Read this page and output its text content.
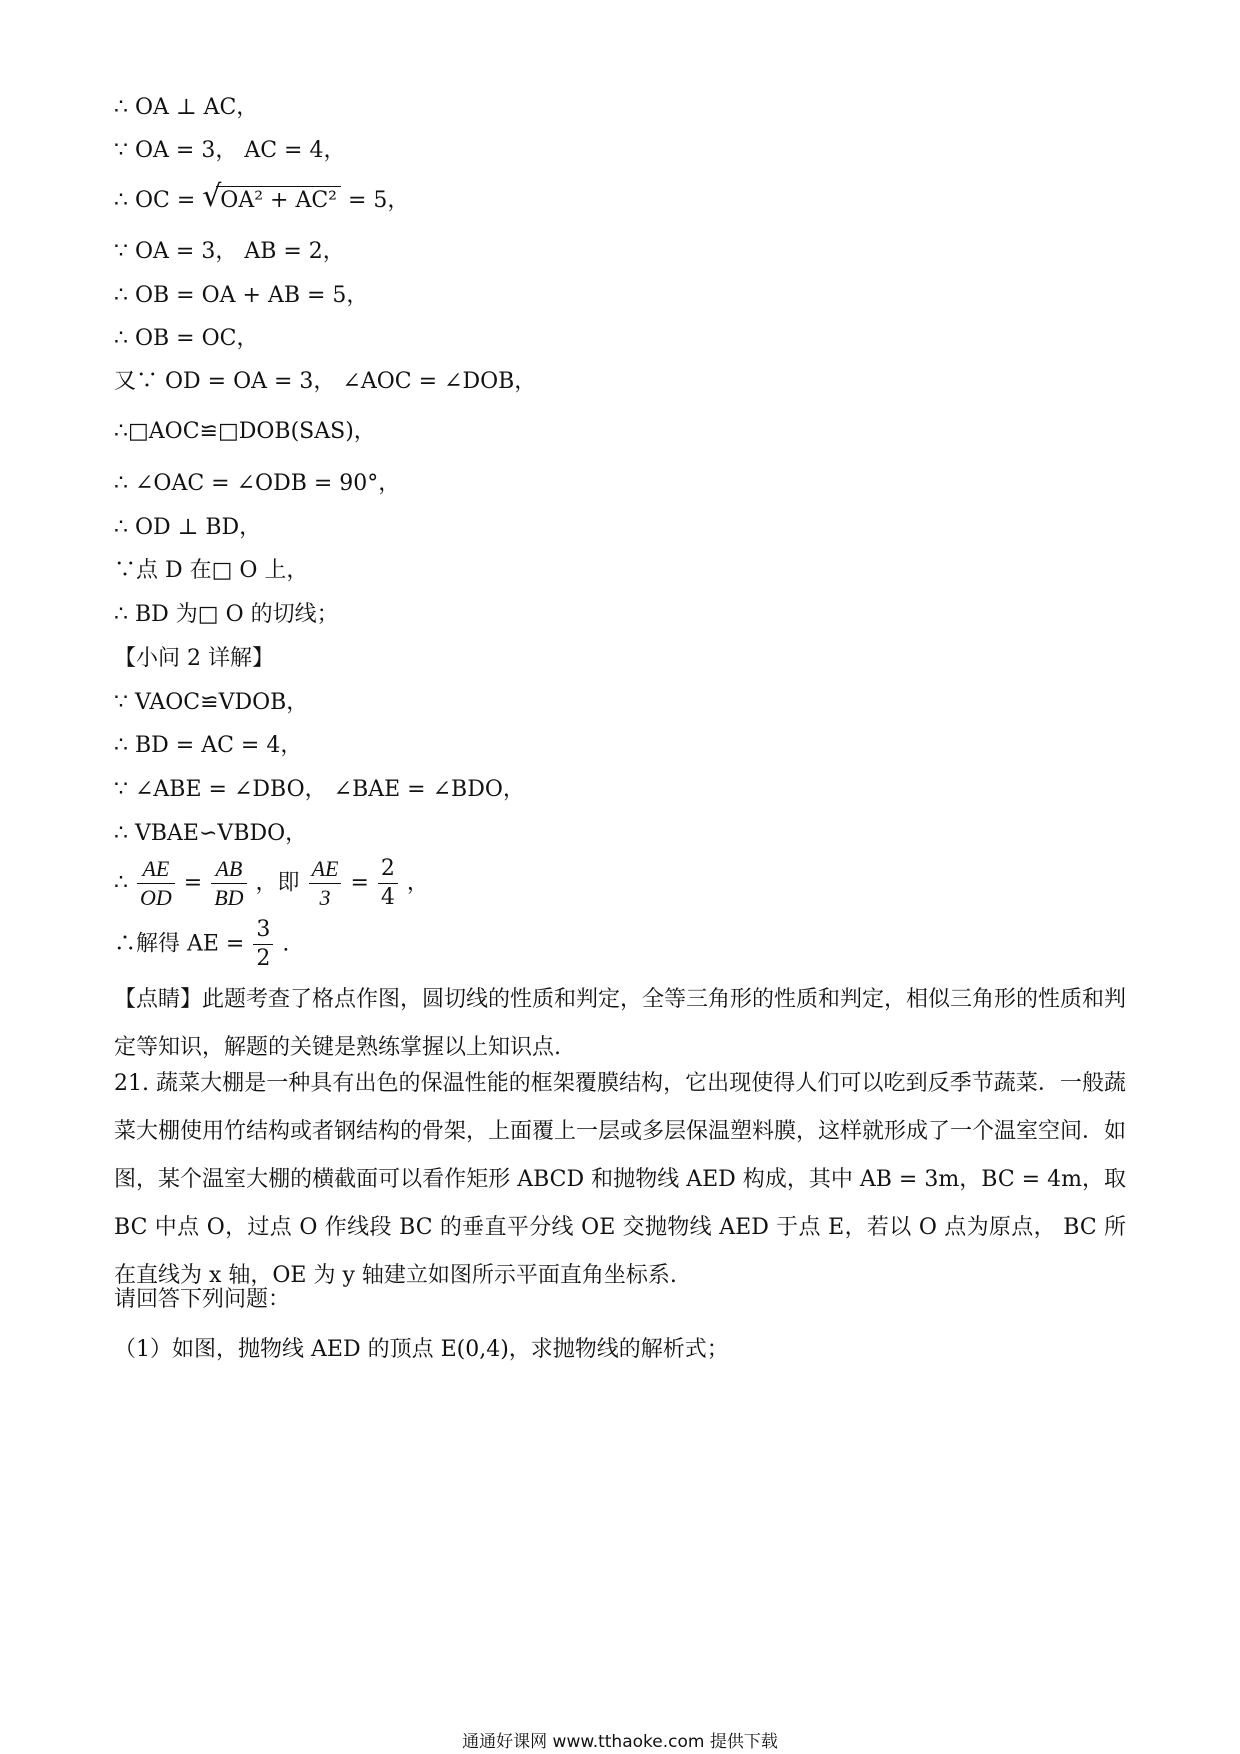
∴ OA ⊥ AC，
∵ OA = 3， AC = 4，
∴ OC = √
OA² + AC² = 5，
∵ OA = 3， AB = 2，
∴ OB = OA + AB = 5，
∴ OB = OC，
又∵ OD = OA = 3， ∠AOC = ∠DOB，
∴□AOC≌□DOB(SAS)，
∴ ∠OAC = ∠ODB = 90°，
∴ OD ⊥ BD，
∵点 D 在□ O 上，
∴ BD 为□ O 的切线；
【小问 2 详解】
∵ VAOC≌VDOB，
∴ BD = AC = 4，
∵ ∠ABE = ∠DBO， ∠BAE = ∠BDO，
∴ VBAE∽VBDO，
∴ $\frac{AE}{OD} = \frac{AB}{BD}$ ，即 $\frac{AE}{3} = \frac{2}{4}$ ，
∴解得 AE = $\frac{3}{2}$ .
【点睛】此题考查了格点作图，圆切线的性质和判定，全等三角形的性质和判定，相似三角形的性质和判定等知识，解题的关键是熟练掌握以上知识点.
21. 蔬菜大棚是一种具有出色的保温性能的框架覆膜结构，它出现使得人们可以吃到反季节蔬菜．一般蔬菜大棚使用竹结构或者钢结构的骨架，上面覆上一层或多层保温塑料膜，这样就形成了一个温室空间．如图，某个温室大棚的横截面可以看作矩形 ABCD 和抛物线 AED 构成，其中 AB = 3m，BC = 4m，取 BC 中点 O，过点 O 作线段 BC 的垂直平分线 OE 交抛物线 AED 于点 E，若以 O 点为原点， BC 所在直线为 x 轴，OE 为 y 轴建立如图所示平面直角坐标系.
请回答下列问题：
（1）如图，抛物线 AED 的顶点 E(0,4)，求抛物线的解析式；
通通好课网 www.tthaoke.com 提供下载
